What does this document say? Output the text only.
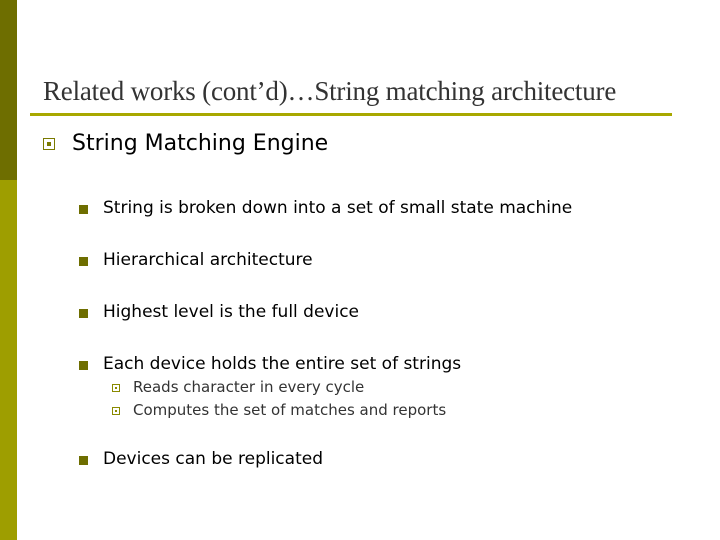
Related works (cont’d)…String matching architecture
String Matching Engine
String is broken down into a set of small state machine
Hierarchical architecture
Highest level is the full device
Each device holds the entire set of strings
Reads character in every cycle
Computes the set of matches and reports
Devices can be replicated
